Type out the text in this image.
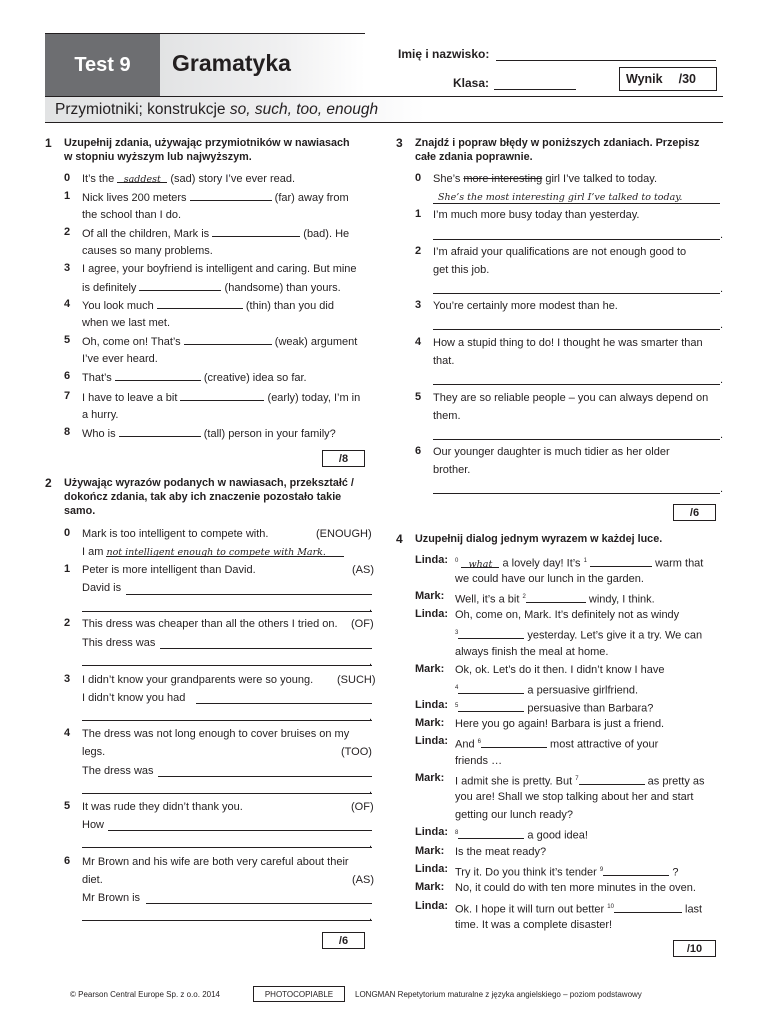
Test 9 Gramatyka
Przymiotniki; konstrukcje so, such, too, enough
Imię i nazwisko:
Klasa:	Wynik /30
1 Uzupełnij zdania, używając przymiotników w nawiasach
w stopniu wyższym lub najwyższym.
0 It’s the saddest (sad) story I’ve ever read.
1 Nick lives 200 meters	(far) away from
the school than I do.
2 Of all the children, Mark is	(bad). He
causes so many problems.
3 I agree, your boyfriend is intelligent and caring. But mine
is definitely	(handsome) than yours.
4 You look much	(thin) than you did
when we last met.
5 Oh, come on! That’s	(weak) argument
I’ve ever heard.
6 That’s	(creative) idea so far.
7 I have to leave a bit	(early) today, I’m in
a hurry.
8 Who is	(tall) person in your family?
/8
2 Używając wyrazów podanych w nawiasach, przekształć /
dokończ zdania, tak aby ich znaczenie pozostało takie
samo.
0 Mark is too intelligent to compete with.	(ENOUGH)
I am not intelligent enough to compete with Mark.
1 Peter is more intelligent than David.	(AS)
David is
.
2 This dress was cheaper than all the others I tried on. (OF)
This dress was
.
3 I didn’t know your grandparents were so young. (SUCH)
I didn’t know you had
.
4 The dress was not long enough to cover bruises on my
legs.	(TOO)
The dress was
.
5 It was rude they didn’t thank you.	(OF)
How
.
6 Mr Brown and his wife are both very careful about their
diet.	(AS)
Mr Brown is
.
/6
3 Znajdź i popraw błędy w poniższych zdaniach. Przepisz
całe zdania poprawnie.
0 She’s more interesting girl I’ve talked to today.
She’s the most interesting girl I’ve talked to today.
1 I’m much more busy today than yesterday.
.
2 I’m afraid your qualifications are not enough good to
get this job.
.
3 You’re certainly more modest than he.
.
4 How a stupid thing to do! I thought he was smarter than
that.
.
5 They are so reliable people – you can always depend on
them.
.
6 Our younger daughter is much tidier as her older
brother.
.
/6
4 Uzupełnij dialog jednym wyrazem w każdej luce.
Linda: $^0$ what a lovely day! It’s $^1$	warm that
we could have our lunch in the garden.
Mark: Well, it’s a bit $^2$	windy, I think.
Linda: Oh, come on, Mark. It’s definitely not as windy
$^3$	yesterday. Let’s give it a try. We can
always finish the meal at home.
Mark: Ok, ok. Let’s do it then. I didn’t know I have
$^4$	a persuasive girlfriend.
Linda: $^5$	persuasive than Barbara?
Mark: Here you go again! Barbara is just a friend.
Linda: And $^6$	most attractive of your
friends …
Mark: I admit she is pretty. But $^7$	as pretty as
you are! Shall we stop talking about her and start
getting our lunch ready?
Linda: $^8$	a good idea!
Mark: Is the meat ready?
Linda: Try it. Do you think it’s tender $^9$	?
Mark: No, it could do with ten more minutes in the oven.
Linda: Ok. I hope it will turn out better $^{10}$	last
time. It was a complete disaster!
/10
© Pearson Central Europe Sp. z o.o. 2014	PHOTOCOPIABLE	LONGMAN Repetytorium maturalne z języka angielskiego – poziom podstawowy
